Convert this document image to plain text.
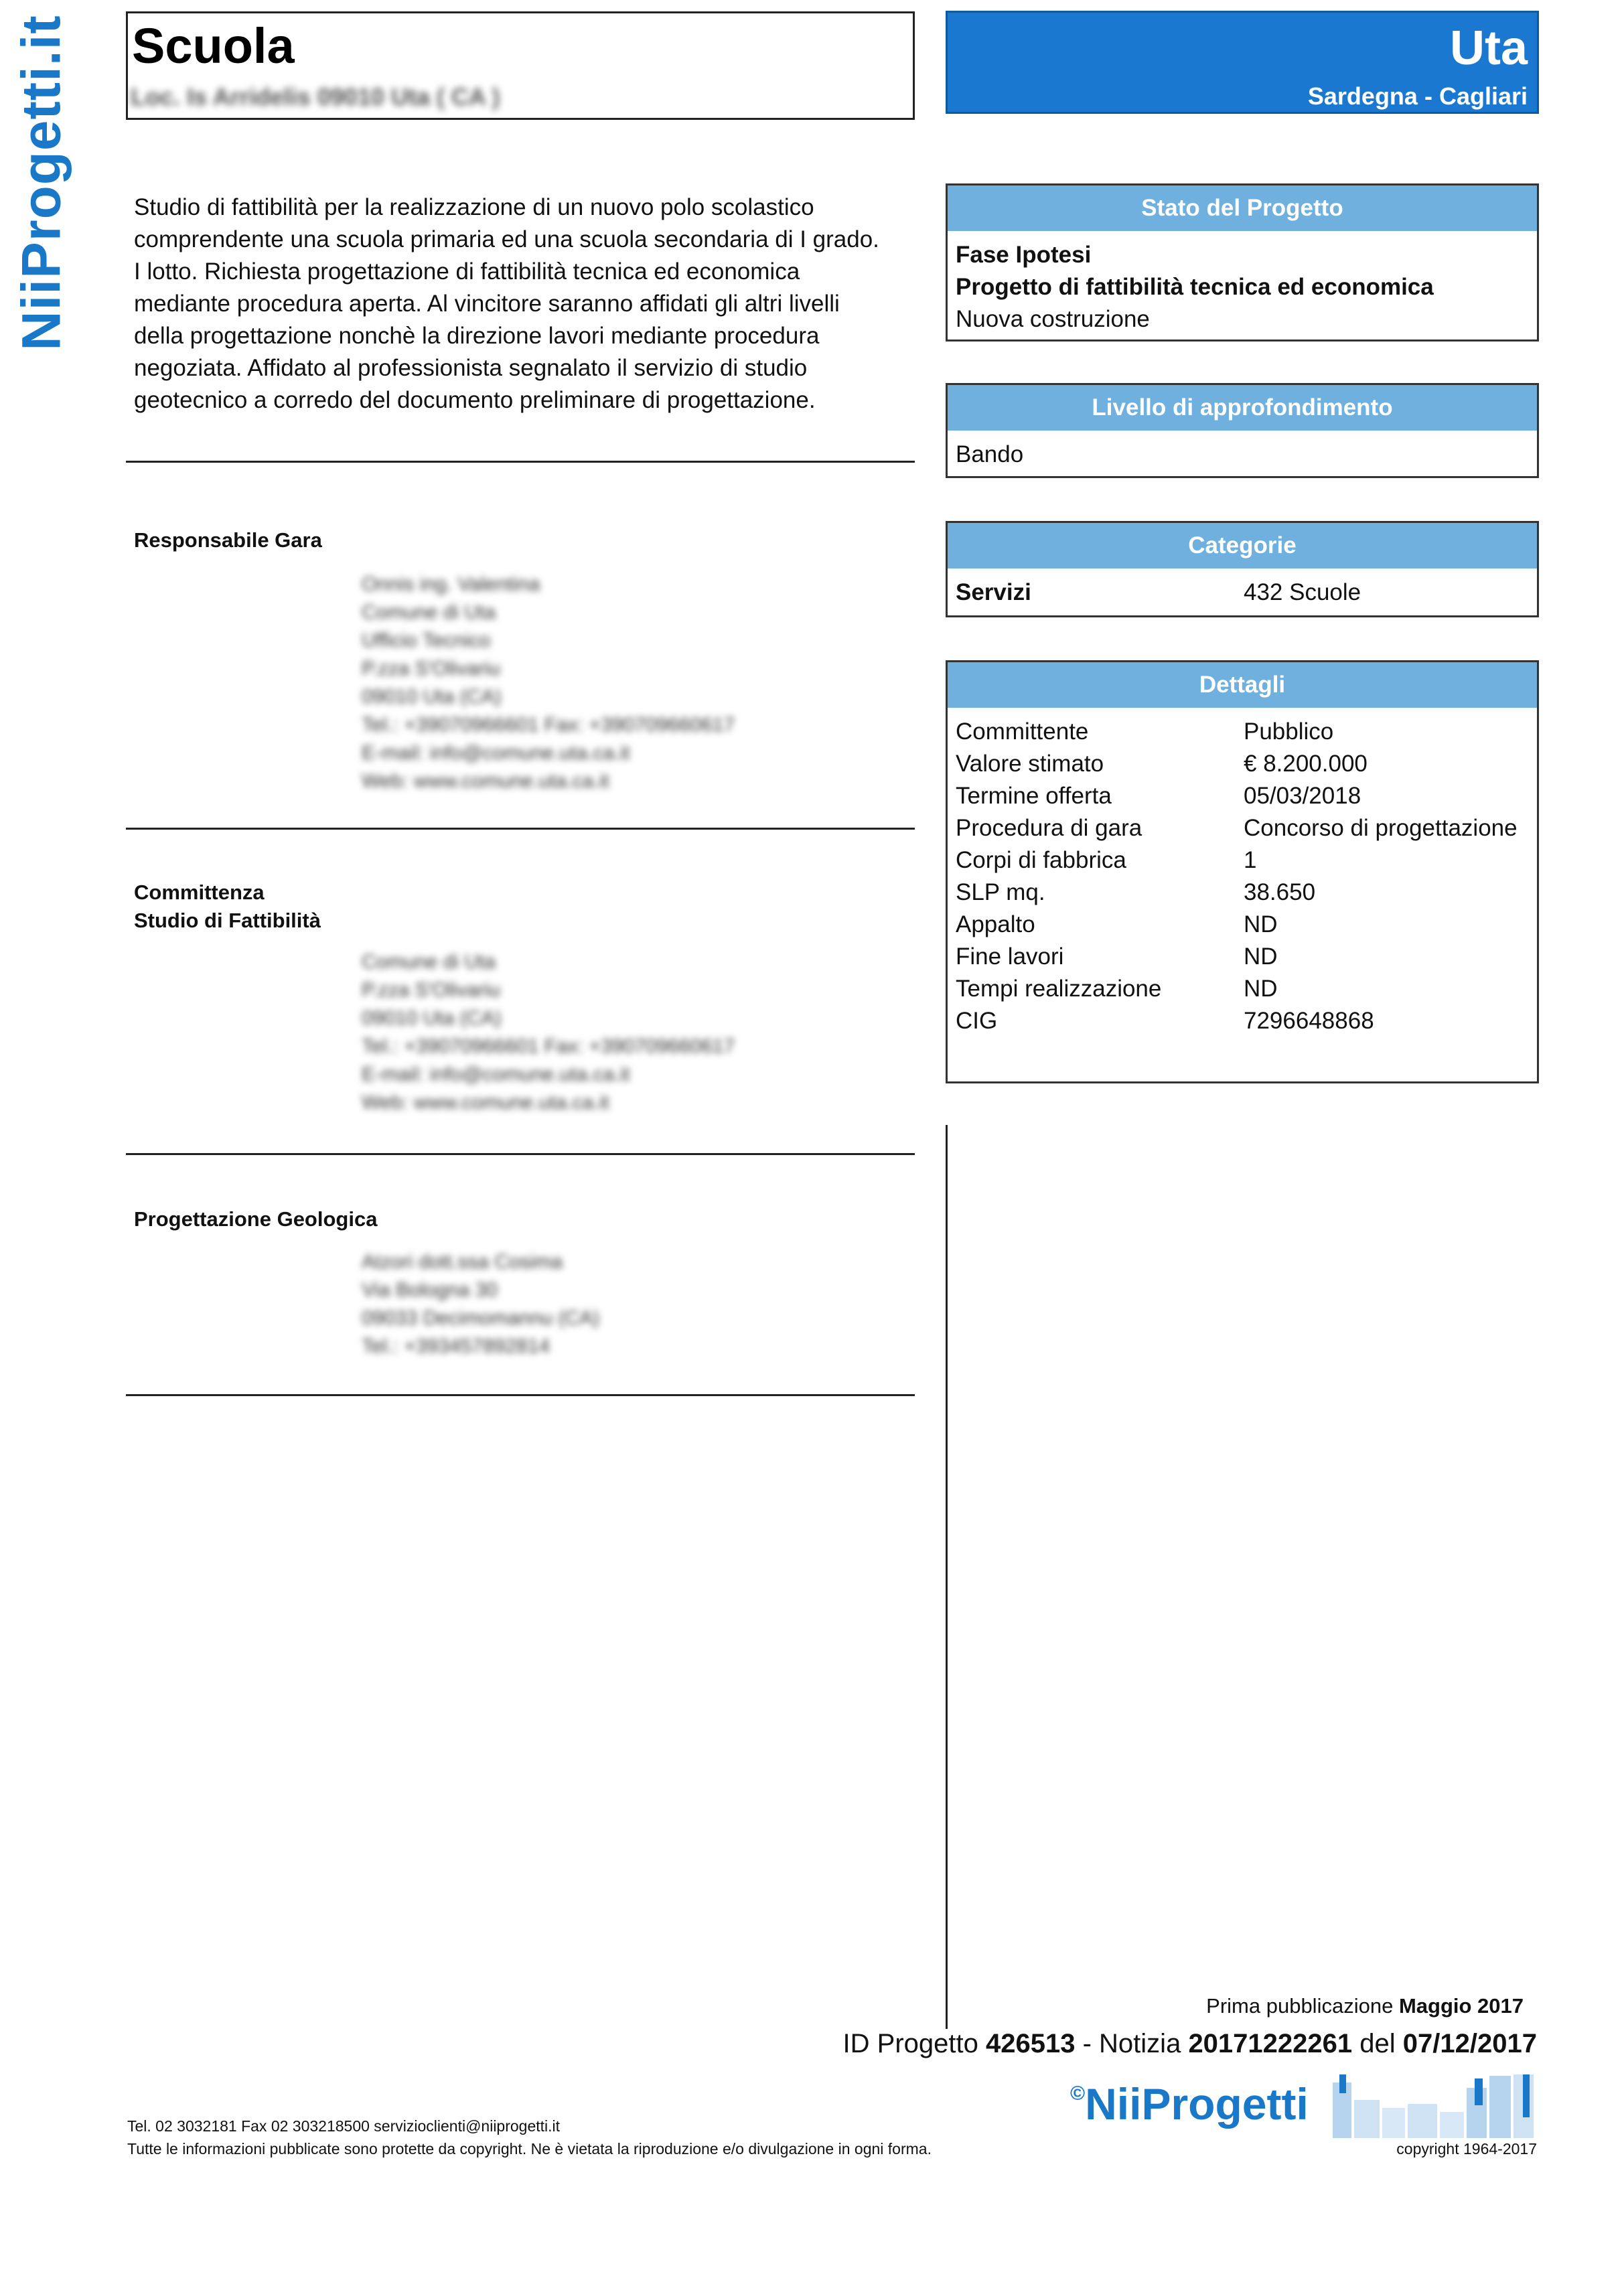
NiiProgetti.it Scuola
Loc. Is Arridelis 09010 Uta ( CA )
Uta
Sardegna - Cagliari
Studio di fattibilità per la realizzazione di un nuovo polo scolastico comprendente una scuola primaria ed una scuola secondaria di I grado. I lotto. Richiesta progettazione di fattibilità tecnica ed economica mediante procedura aperta. Al vincitore saranno affidati gli altri livelli della progettazione nonchè la direzione lavori mediante procedura negoziata. Affidato al professionista segnalato il servizio di studio geotecnico a corredo del documento preliminare di progettazione.
Responsabile Gara
Onnis ing. Valentina
Comune di Uta
Ufficio Tecnico
P.zza S'Olivariu
09010 Uta (CA)
Tel.: +39070966601 Fax: +390709660617
E-mail: info@comune.uta.ca.it
Web: www.comune.uta.ca.it
Committenza
Studio di Fattibilità
Comune di Uta
P.zza S'Olivariu
09010 Uta (CA)
Tel.: +39070966601 Fax: +390709660617
E-mail: info@comune.uta.ca.it
Web: www.comune.uta.ca.it
Progettazione Geologica
Atzori dott.ssa Cosima
Via Bologna 30
09033 Decimomannu (CA)
Tel.: +393457892814
Stato del Progetto
Fase Ipotesi
Progetto di fattibilità tecnica ed economica
Nuova costruzione
Livello di approfondimento
Bando
Categorie
Servizi	432 Scuole
Dettagli
Committente	Pubblico
Valore stimato	€ 8.200.000
Termine offerta	05/03/2018
Procedura di gara	Concorso di progettazione
Corpi di fabbrica	1
SLP mq.	38.650
Appalto	ND
Fine lavori	ND
Tempi realizzazione	ND
CIG	7296648868
Prima pubblicazione Maggio 2017
ID Progetto 426513 - Notizia 20171222261 del 07/12/2017
©NiiProgetti
Tel. 02 3032181 Fax 02 303218500 servizioclienti@niiprogetti.it
Tutte le informazioni pubblicate sono protette da copyright. Ne è vietata la riproduzione e/o divulgazione in ogni forma.	copyright 1964-2017
